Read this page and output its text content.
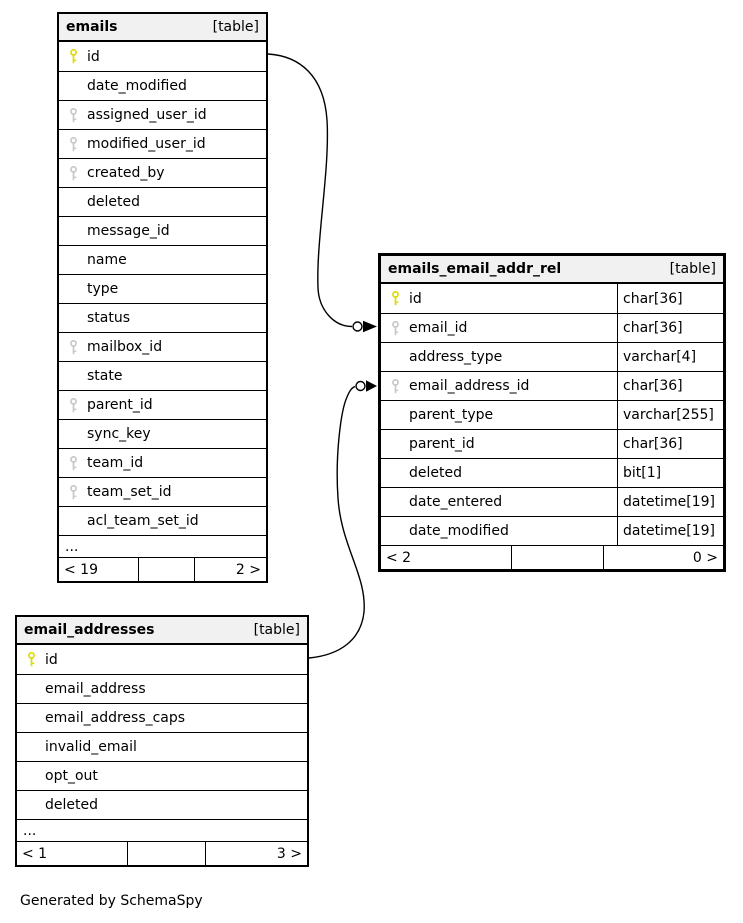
emails	[table]
id
date_modified
assigned_user_id
modified_user_id
created_by
deleted
message_id
name
type
status
mailbox_id
state
parent_id
sync_key
team_id
team_set_id
acl_team_set_id
...
< 19	2 >
emails_email_addr_rel	[table]
id	char[36]
email_id	char[36]
address_type	varchar[4]
email_address_id	char[36]
parent_type	varchar[255]
parent_id	char[36]
deleted	bit[1]
date_entered	datetime[19]
date_modified	datetime[19]
< 2	0 >
email_addresses	[table]
id
email_address
email_address_caps
invalid_email
opt_out
deleted
...
< 1	3 >
Generated by SchemaSpy
